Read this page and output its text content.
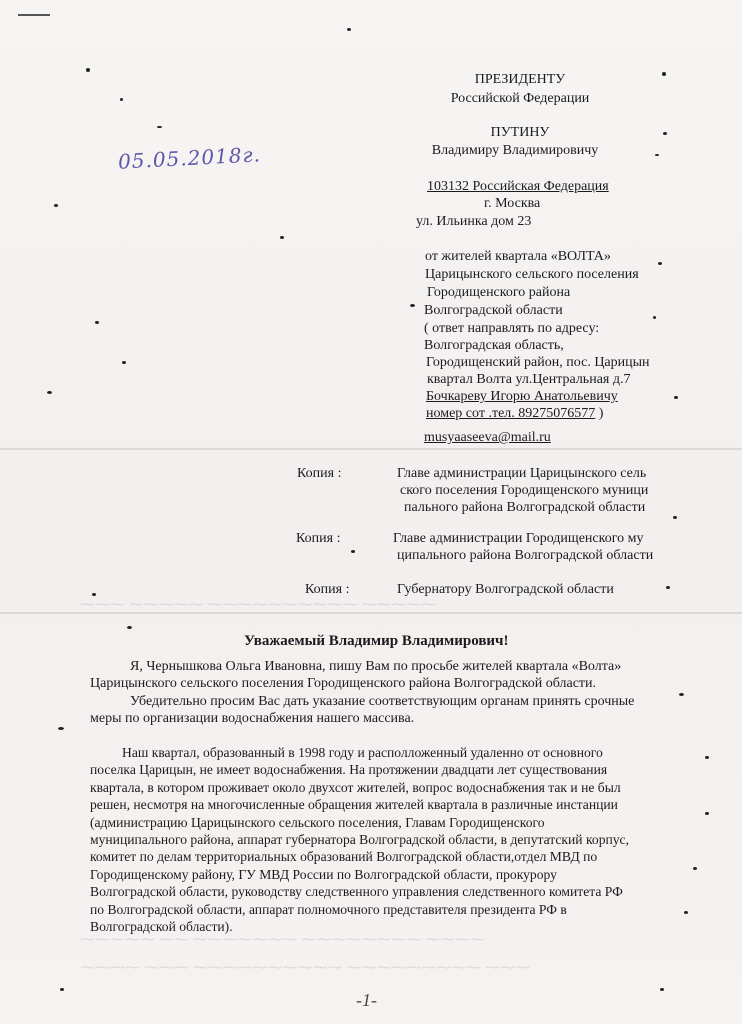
⁓⁓⁓ ⁓⁓⁓⁓⁓ ⁓⁓⁓⁓⁓⁓⁓⁓⁓⁓ ⁓⁓⁓⁓⁓
⁓⁓⁓⁓⁓ ⁓⁓ ⁓⁓⁓⁓⁓⁓⁓ ⁓⁓⁓⁓⁓⁓⁓⁓ ⁓⁓⁓⁓
⁓⁓⁓⁓ ⁓⁓⁓ ⁓⁓⁓⁓⁓⁓⁓⁓⁓⁓ ⁓⁓⁓⁓⁓⁓⁓⁓⁓ ⁓⁓⁓
ПРЕЗИДЕНТУ
Российской Федерации
ПУТИНУ
Владимиру Владимировичу
05.05.2018г.
103132 Российская Федерация
г. Москва
ул. Ильинка дом 23
от жителей квартала «ВОЛТА»
Царицынского сельского поселения
Городищенского района
Волгоградской области
( ответ направлять по адресу:
Волгоградская область,
Городищенский район, пос. Царицын
квартал Волта ул.Центральная д.7
Бочкареву Игорю Анатольевичу
номер сот .тел. 89275076577 )
musyaaseeva@mail.ru
Копия :	Главе администрации Царицынского сель
ского поселения Городищенского муници
пального района Волгоградской области
Копия :	Главе администрации Городищенского му
ципального района Волгоградской области
Копия :	Губернатору Волгоградской области
Уважаемый Владимир Владимирович!
Я, Чернышкова Ольга Ивановна, пишу Вам по просьбе жителей квартала «Волта»
Царицынского сельского поселения Городищенского района Волгоградской области.
Убедительно просим Вас дать указание соответствующим органам принять срочные
меры по организации водоснабжения нашего массива.
Наш квартал, образованный в 1998 году и располложенный удаленно от основного
поселка Царицын, не имеет водоснабжения. На протяжении двадцати лет существования
квартала, в котором проживает около двухсот жителей, вопрос водоснабжения так и не был
решен, несмотря на многочисленные обращения жителей квартала в различные инстанции
(администрацию Царицынского сельского поселения, Главам Городищенского
муниципального района, аппарат губернатора Волгоградской области, в депутатский корпус,
комитет по делам территориальных образований Волгоградской области,отдел МВД по
Городищенскому району, ГУ МВД России по Волгоградской области, прокурору
Волгоградской области, руководству следственного управления следственного комитета РФ
по Волгоградской области, аппарат полномочного представителя президента РФ в
Волгоградской области).
-1-
